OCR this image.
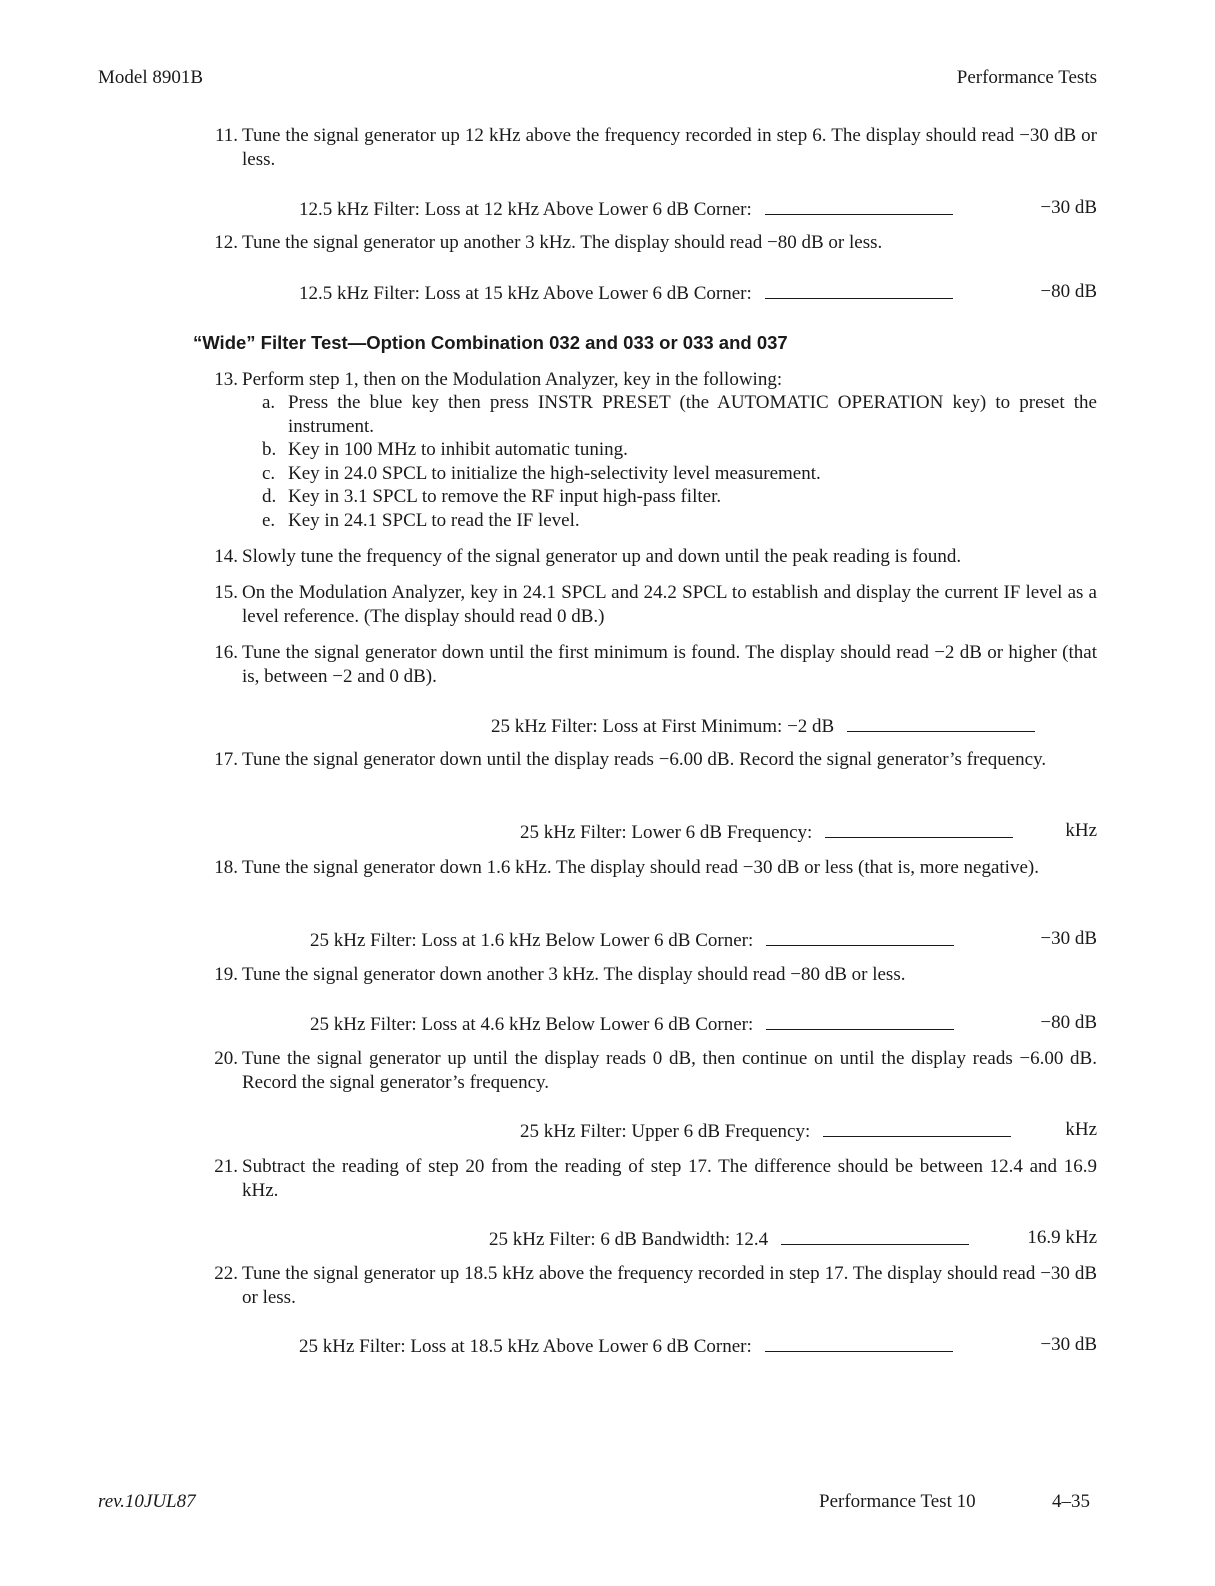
Model 8901B	Performance Tests
11. Tune the signal generator up 12 kHz above the frequency recorded in step 6. The display should read −30 dB or less.
12.5 kHz Filter: Loss at 12 kHz Above Lower 6 dB Corner:	−30 dB
12. Tune the signal generator up another 3 kHz. The display should read −80 dB or less.
12.5 kHz Filter: Loss at 15 kHz Above Lower 6 dB Corner:	−80 dB
“Wide” Filter Test—Option Combination 032 and 033 or 033 and 037
13. Perform step 1, then on the Modulation Analyzer, key in the following:
a. Press the blue key then press INSTR PRESET (the AUTOMATIC OPERATION key) to preset the instrument.
b. Key in 100 MHz to inhibit automatic tuning.
c. Key in 24.0 SPCL to initialize the high-selectivity level measurement.
d. Key in 3.1 SPCL to remove the RF input high-pass filter.
e. Key in 24.1 SPCL to read the IF level.
14. Slowly tune the frequency of the signal generator up and down until the peak reading is found.
15. On the Modulation Analyzer, key in 24.1 SPCL and 24.2 SPCL to establish and display the current IF level as a level reference. (The display should read 0 dB.)
16. Tune the signal generator down until the first minimum is found. The display should read −2 dB or higher (that is, between −2 and 0 dB).
25 kHz Filter: Loss at First Minimum: −2 dB
17. Tune the signal generator down until the display reads −6.00 dB. Record the signal generator’s frequency.
25 kHz Filter: Lower 6 dB Frequency:	kHz
18. Tune the signal generator down 1.6 kHz. The display should read −30 dB or less (that is, more negative).
25 kHz Filter: Loss at 1.6 kHz Below Lower 6 dB Corner:	−30 dB
19. Tune the signal generator down another 3 kHz. The display should read −80 dB or less.
25 kHz Filter: Loss at 4.6 kHz Below Lower 6 dB Corner:	−80 dB
20. Tune the signal generator up until the display reads 0 dB, then continue on until the display reads −6.00 dB. Record the signal generator’s frequency.
25 kHz Filter: Upper 6 dB Frequency:	kHz
21. Subtract the reading of step 20 from the reading of step 17. The difference should be between 12.4 and 16.9 kHz.
25 kHz Filter: 6 dB Bandwidth: 12.4	16.9 kHz
22. Tune the signal generator up 18.5 kHz above the frequency recorded in step 17. The display should read −30 dB or less.
25 kHz Filter: Loss at 18.5 kHz Above Lower 6 dB Corner:	−30 dB
rev.10JUL87	Performance Test 10	4–35
